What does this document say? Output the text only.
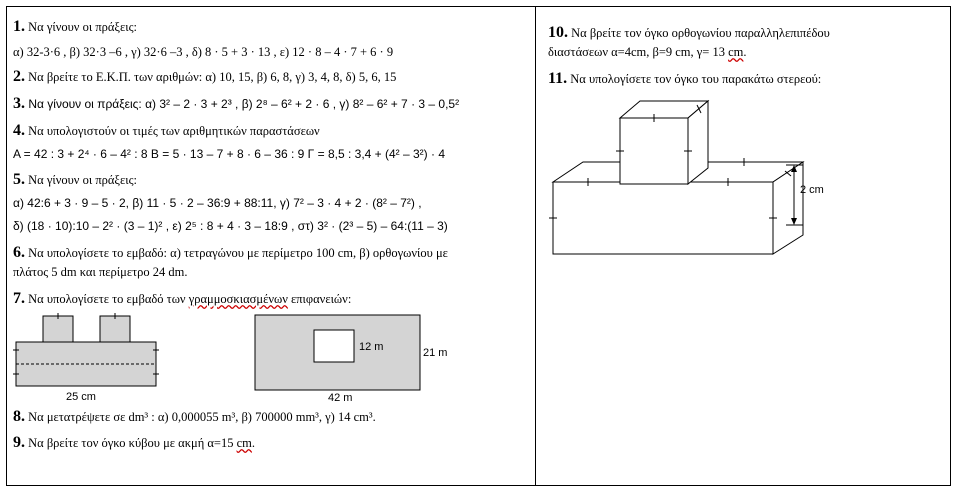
1. Να γίνουν οι πράξεις:
α) 32-3·6 , β) 32·3 –6 , γ) 32·6 –3 , δ) 8 · 5 + 3 · 13 , ε) 12 · 8 – 4 · 7 + 6 · 9
2. Να βρείτε το Ε.Κ.Π. των αριθμών: α) 10, 15, β) 6, 8, γ) 3, 4, 8, δ) 5, 6, 15
3. Να γίνουν οι πράξεις: α) 3² – 2 · 3 + 2³ , β) 2⁸ – 6² + 2 · 6 , γ) 8² – 6² + 7 · 3 – 0,5²
4. Να υπολογιστούν οι τιμές των αριθμητικών παραστάσεων
Α = 42 : 3 + 2⁴ · 6 – 4² : 8 Β = 5 · 13 – 7 + 8 · 6 – 36 : 9 Γ = 8,5 : 3,4 + (4² – 3²) · 4
5. Να γίνουν οι πράξεις:
α) 42:6 + 3 · 9 – 5 · 2, β) 11 · 5 · 2 – 36:9 + 88:11, γ) 7² – 3 · 4 + 2 · (8² – 7²) ,
δ) (18 · 10):10 – 2² · (3 – 1)² , ε) 2⁵ : 8 + 4 · 3 – 18:9 , στ) 3² · (2³ – 5) – 64:(11 – 3)
6. Να υπολογίσετε το εμβαδό: α) τετραγώνου με περίμετρο 100 cm, β) ορθογωνίου με
πλάτος 5 dm και περίμετρο 24 dm.
7. Να υπολογίσετε το εμβαδό των γραμμοσκιασμένων επιφανειών:
25 cm
12 m	21 m
42 m
8. Να μετατρέψετε σε dm³ : α) 0,000055 m³, β) 700000 mm³, γ) 14 cm³.
9. Να βρείτε τον όγκο κύβου με ακμή α=15 cm.
10. Να βρείτε τον όγκο ορθογωνίου παραλληλεπιπέδου
διαστάσεων α=4cm, β=9 cm, γ= 13 cm.
11. Να υπολογίσετε τον όγκο του παρακάτω στερεού:
2 cm
